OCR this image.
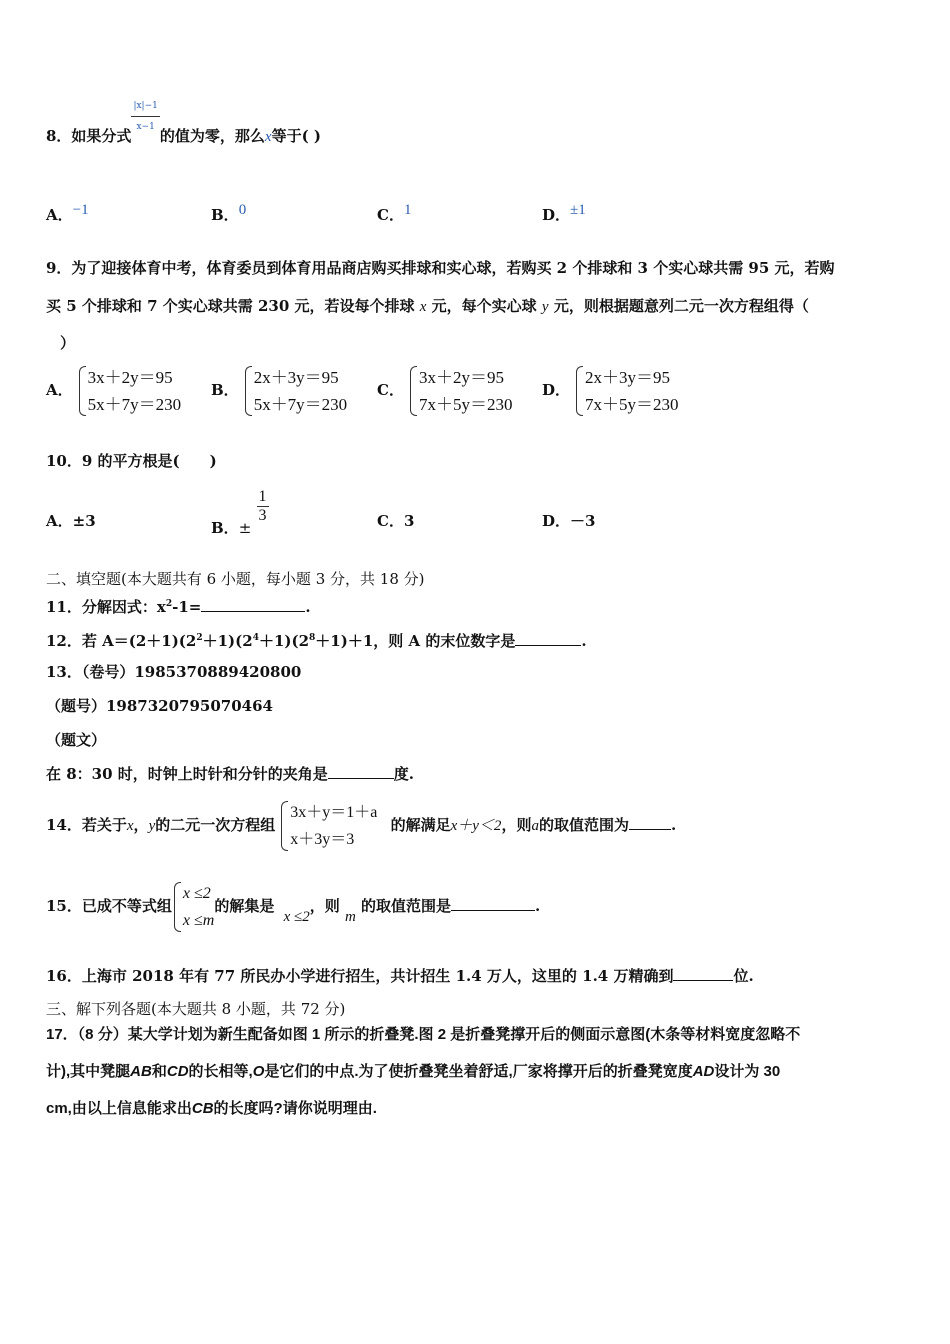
8．如果分式 $\frac{|x|-1}{x-1}$ 的值为零，那么x等于( )
A．−1	B．0	C．1	D．±1
9．为了迎接体育中考，体育委员到体育用品商店购买排球和实心球，若购买 2 个排球和 3 个实心球共需 95 元，若购
买 5 个排球和 7 个实心球共需 230 元，若设每个排球 x 元，每个实心球 y 元，则根据题意列二元一次方程组得（
）
A．
3x＋2y＝95
5x＋7y＝230
B．
2x＋3y＝95
5x＋7y＝230
C．
3x＋2y＝95
7x＋5y＝230
D．
2x＋3y＝95
7x＋5y＝230
10．9 的平方根是(　　)
A．±3	B．±
$\frac{1}{3}$	C．3	D．－3
二、填空题(本大题共有 6 小题，每小题 3 分，共 18 分)
11．分解因式：$x^2-1=$	.
12．若 $A=(2+1)(2^2+1)(2^4+1)(2^8+1)+1$，则 A 的末位数字是	.
13．（卷号）1985370889420800
（题号）1987320795070464
（题文）
在 8：30 时，时钟上时针和分针的夹角是	度.
14．若关于x，y的二元一次方程组
3x＋y＝1＋a
x＋3y＝3
的解满足x＋y＜2，则a的取值范围为	.
15．已成不等式组
x ≤2
x ≤m
的解集是 x ≤2，则 m 的取值范围是	.
16．上海市 2018 年有 77 所民办小学进行招生，共计招生 1.4 万人，这里的 1.4 万精确到	位.
三、解下列各题(本大题共 8 小题，共 72 分)
17．（8 分）某大学计划为新生配备如图 1 所示的折叠凳.图 2 是折叠凳撑开后的侧面示意图(木条等材料宽度忽略不
计),其中凳腿AB和CD的长相等,O是它们的中点.为了使折叠凳坐着舒适,厂家将撑开后的折叠凳宽度AD设计为 30
cm,由以上信息能求出CB的长度吗?请你说明理由.
